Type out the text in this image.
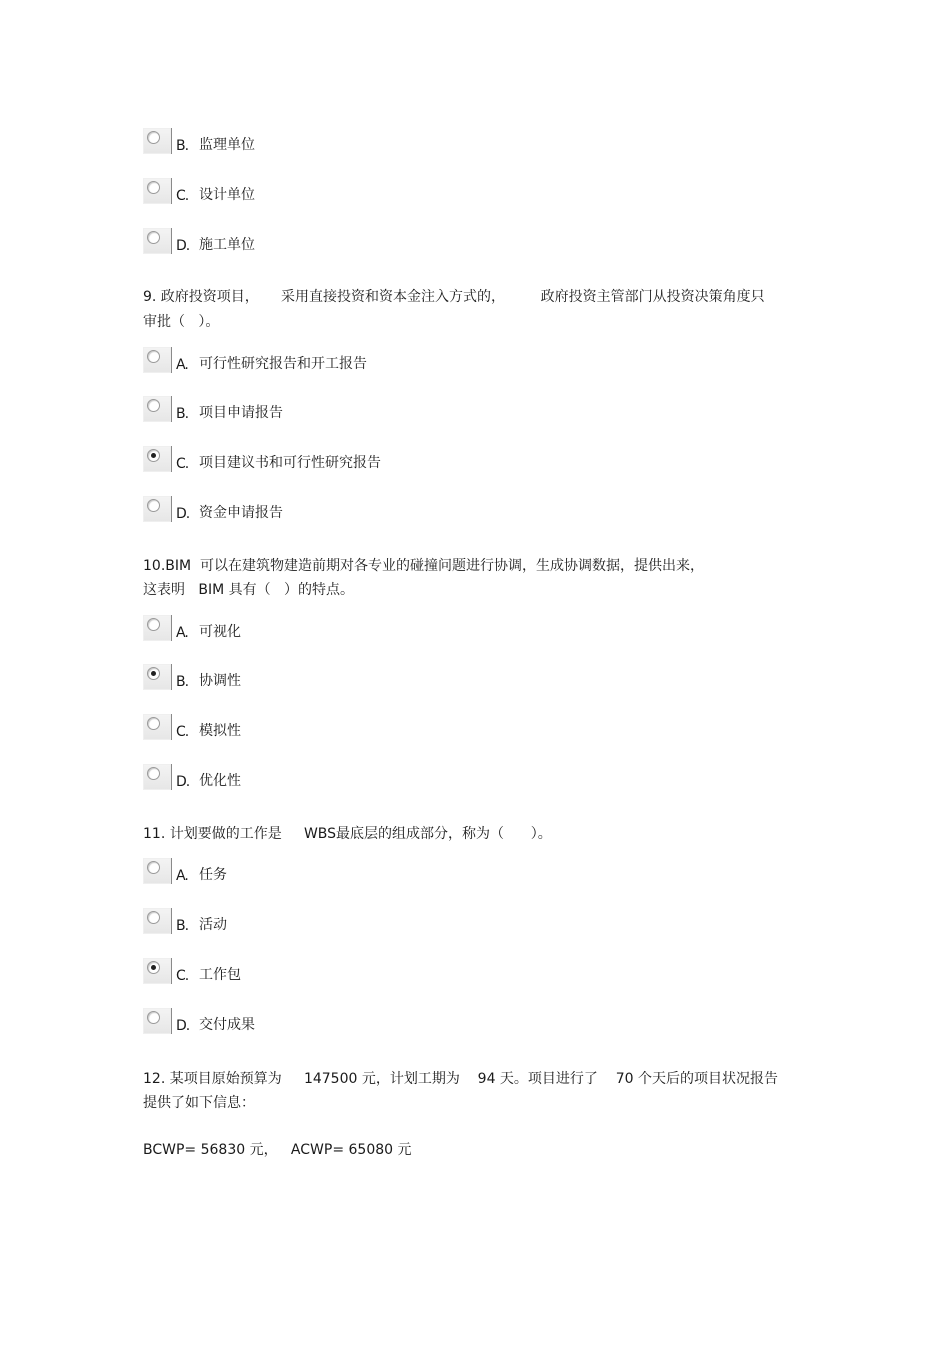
B. 监理单位
C. 设计单位
D. 施工单位
9. 政府投资项目，     采用直接投资和资本金注入方式的，        政府投资主管部门从投资决策角度只
审批（   ）。
A. 可行性研究报告和开工报告
B. 项目申请报告
C. 项目建议书和可行性研究报告
D. 资金申请报告
10.BIM  可以在建筑物建造前期对各专业的碰撞问题进行协调，生成协调数据，提供出来，
这表明   BIM 具有（   ）的特点。
A. 可视化
B. 协调性
C. 模拟性
D. 优化性
11. 计划要做的工作是     WBS最底层的组成部分，称为（      ）。
A. 任务
B. 活动
C. 工作包
D. 交付成果
12. 某项目原始预算为     147500 元，计划工期为    94 天。项目进行了    70 个天后的项目状况报告
提供了如下信息：
BCWP= 56830 元，   ACWP= 65080 元
